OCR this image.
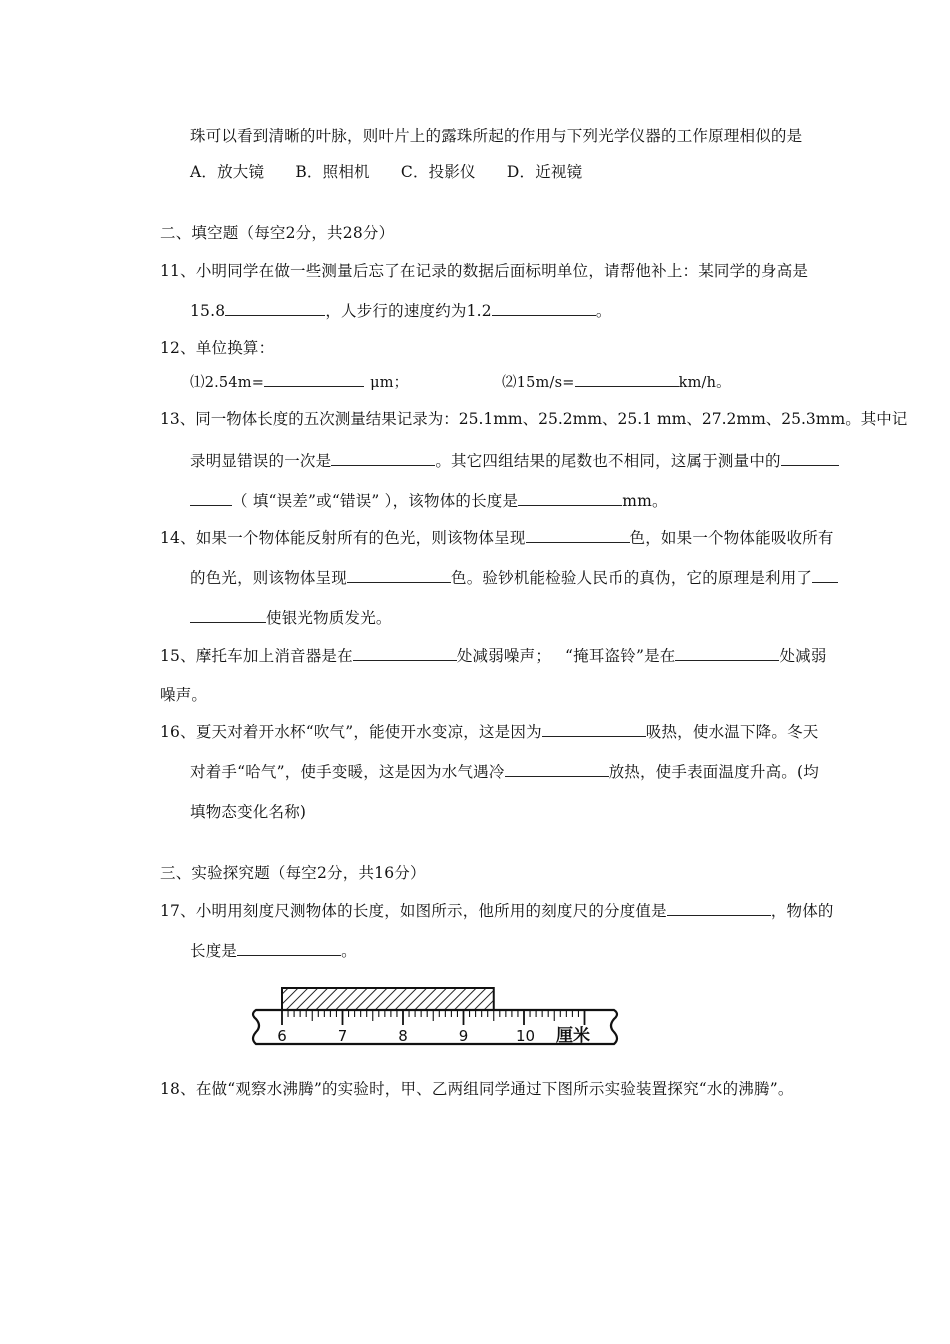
珠可以看到清晰的叶脉，则叶片上的露珠所起的作用与下列光学仪器的工作原理相似的是
A．放大镜 B．照相机 C．投影仪 D．近视镜
二、填空题（每空2分，共28分）
11、小明同学在做一些测量后忘了在记录的数据后面标明单位，请帮他补上：某同学的身高是
15.8	，人步行的速度约为1.2	。
12、单位换算：
⑴2.54m=	μm；	⑵15m/s=	km/h。
13、同一物体长度的五次测量结果记录为：25.1mm、25.2mm、25.1 mm、27.2mm、25.3mm。其中记
录明显错误的一次是	。其它四组结果的尾数也不相同，这属于测量中的
（ 填“误差”或“错误” ），该物体的长度是	mm。
14、如果一个物体能反射所有的色光，则该物体呈现	色，如果一个物体能吸收所有
的色光，则该物体呈现	色。验钞机能检验人民币的真伪，它的原理是利用了
使银光物质发光。
15、摩托车加上消音器是在	处减弱噪声； “掩耳盗铃”是在	处减弱
噪声。
16、夏天对着开水杯“吹气”，能使开水变凉，这是因为	吸热，使水温下降。冬天
对着手“哈气”，使手变暖，这是因为水气遇冷	放热，使手表面温度升高。(均
填物态变化名称)
三、实验探究题（每空2分，共16分）
17、小明用刻度尺测物体的长度，如图所示，他所用的刻度尺的分度值是	，物体的
长度是	。
6	7	8	9	10 厘米
18、在做“观察水沸腾”的实验时，甲、乙两组同学通过下图所示实验装置探究“水的沸腾”。
